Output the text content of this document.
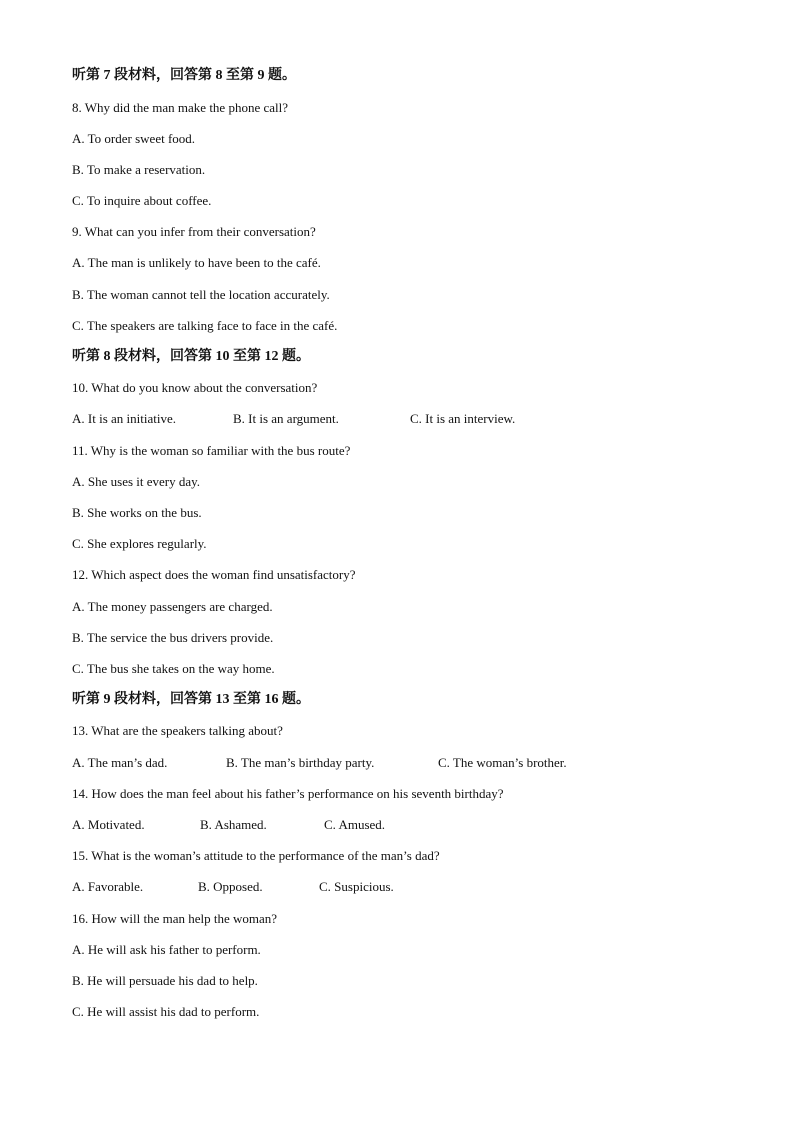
听第 7 段材料，回答第 8 至第 9 题。
8. Why did the man make the phone call?
A. To order sweet food.
B. To make a reservation.
C. To inquire about coffee.
9. What can you infer from their conversation?
A. The man is unlikely to have been to the café.
B. The woman cannot tell the location accurately.
C. The speakers are talking face to face in the café.
听第 8 段材料，回答第 10 至第 12 题。
10. What do you know about the conversation?
A. It is an initiative.	B. It is an argument.	C. It is an interview.
11. Why is the woman so familiar with the bus route?
A. She uses it every day.
B. She works on the bus.
C. She explores regularly.
12. Which aspect does the woman find unsatisfactory?
A. The money passengers are charged.
B. The service the bus drivers provide.
C. The bus she takes on the way home.
听第 9 段材料，回答第 13 至第 16 题。
13. What are the speakers talking about?
A. The man’s dad.	B. The man’s birthday party.	C. The woman’s brother.
14. How does the man feel about his father’s performance on his seventh birthday?
A. Motivated.	B. Ashamed.	C. Amused.
15. What is the woman’s attitude to the performance of the man’s dad?
A. Favorable.	B. Opposed.	C. Suspicious.
16. How will the man help the woman?
A. He will ask his father to perform.
B. He will persuade his dad to help.
C. He will assist his dad to perform.
